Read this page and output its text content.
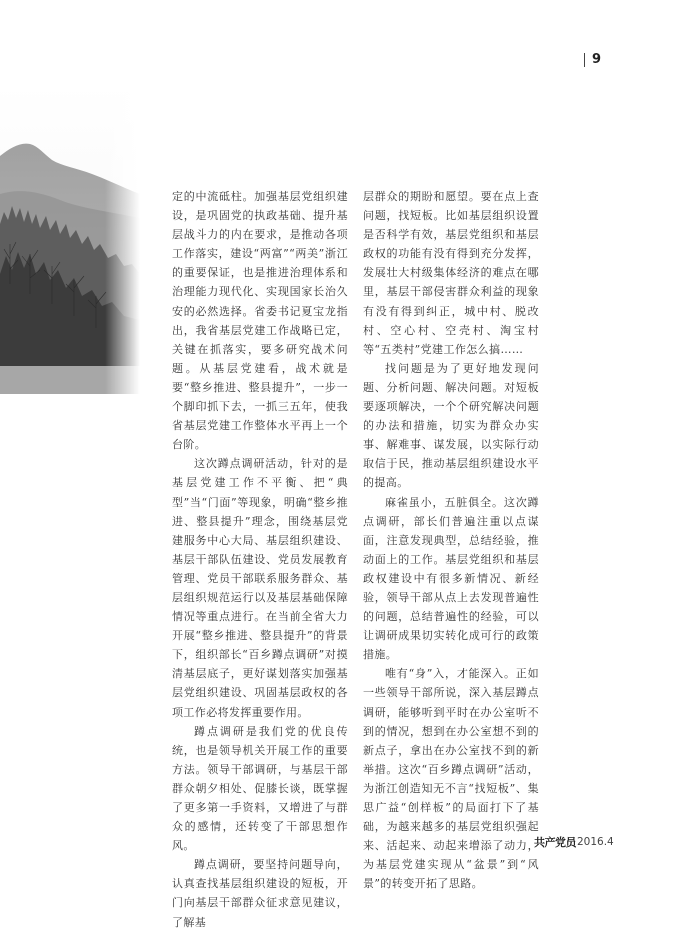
9

定的中流砥柱。加强基层党组织建设，是巩固党的执政基础、提升基层战斗力的内在要求，是推动各项工作落实，建设“两富”“两美”浙江的重要保证，也是推进治理体系和治理能力现代化、实现国家长治久安的必然选择。省委书记夏宝龙指出，我省基层党建工作战略已定，关键在抓落实，要多研究战术问题。从基层党建看，战术就是要“整乡推进、整县提升”，一步一个脚印抓下去，一抓三五年，使我省基层党建工作整体水平再上一个台阶。

这次蹲点调研活动，针对的是基层党建工作不平衡、把“典型”当“门面”等现象，明确“整乡推进、整县提升”理念，围绕基层党建服务中心大局、基层组织建设、基层干部队伍建设、党员发展教育管理、党员干部联系服务群众、基层组织规范运行以及基层基础保障情况等重点进行。在当前全省大力开展“整乡推进、整县提升”的背景下，组织部长“百乡蹲点调研”对摸清基层底子，更好谋划落实加强基层党组织建设、巩固基层政权的各项工作必将发挥重要作用。

蹲点调研是我们党的优良传统，也是领导机关开展工作的重要方法。领导干部调研，与基层干部群众朝夕相处、促膝长谈，既掌握了更多第一手资料，又增进了与群众的感情，还转变了干部思想作风。

蹲点调研，要坚持问题导向，认真查找基层组织建设的短板，开门向基层干部群众征求意见建议，了解基

层群众的期盼和愿望。要在点上查问题，找短板。比如基层组织设置是否科学有效，基层党组织和基层政权的功能有没有得到充分发挥，发展壮大村级集体经济的难点在哪里，基层干部侵害群众利益的现象有没有得到纠正，城中村、脱改村、空心村、空壳村、淘宝村等“五类村”党建工作怎么搞……

找问题是为了更好地发现问题、分析问题、解决问题。对短板要逐项解决，一个个研究解决问题的办法和措施，切实为群众办实事、解难事、谋发展，以实际行动取信于民，推动基层组织建设水平的提高。

麻雀虽小，五脏俱全。这次蹲点调研，部长们普遍注重以点谋面，注意发现典型，总结经验，推动面上的工作。基层党组织和基层政权建设中有很多新情况、新经验，领导干部从点上去发现普遍性的问题，总结普遍性的经验，可以让调研成果切实转化成可行的政策措施。

唯有“身”入，才能深入。正如一些领导干部所说，深入基层蹲点调研，能够听到平时在办公室听不到的情况，想到在办公室想不到的新点子，拿出在办公室找不到的新举措。这次“百乡蹲点调研”活动，为浙江创造知无不言“找短板”、集思广益“创样板”的局面打下了基础，为越来越多的基层党组织强起来、活起来、动起来增添了动力，为基层党建实现从“盆景”到“风景”的转变开拓了思路。

共产党员 2016.4
